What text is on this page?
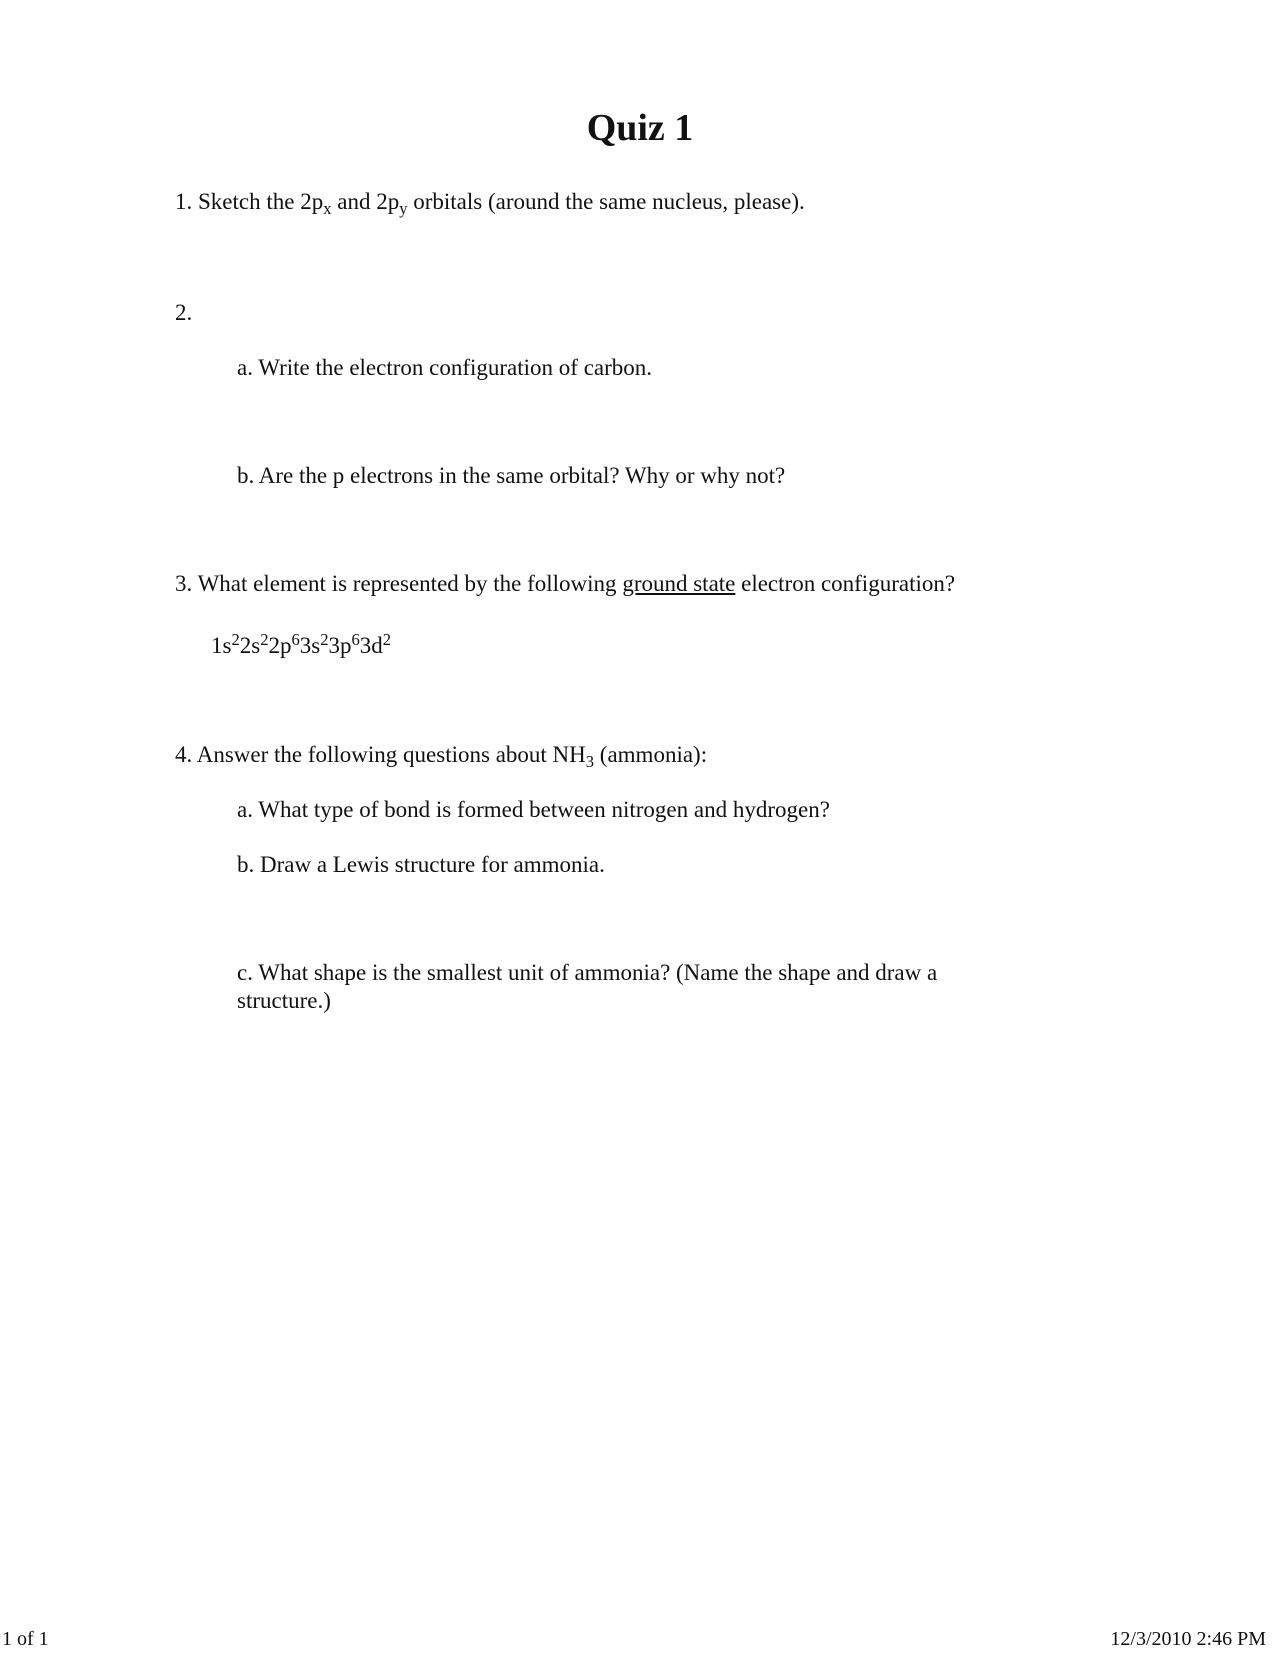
Quiz 1
1. Sketch the $2p_x$ and $2p_y$ orbitals (around the same nucleus, please).
2.
a. Write the electron configuration of carbon.
b. Are the p electrons in the same orbital? Why or why not?
3. What element is represented by the following ground state electron configuration?
$1s^22s^22p^63s^23p^63d^2$
4. Answer the following questions about $NH_3$ (ammonia):
a. What type of bond is formed between nitrogen and hydrogen?
b. Draw a Lewis structure for ammonia.
c. What shape is the smallest unit of ammonia? (Name the shape and draw a structure.)
1 of 1	12/3/2010 2:46 PM
